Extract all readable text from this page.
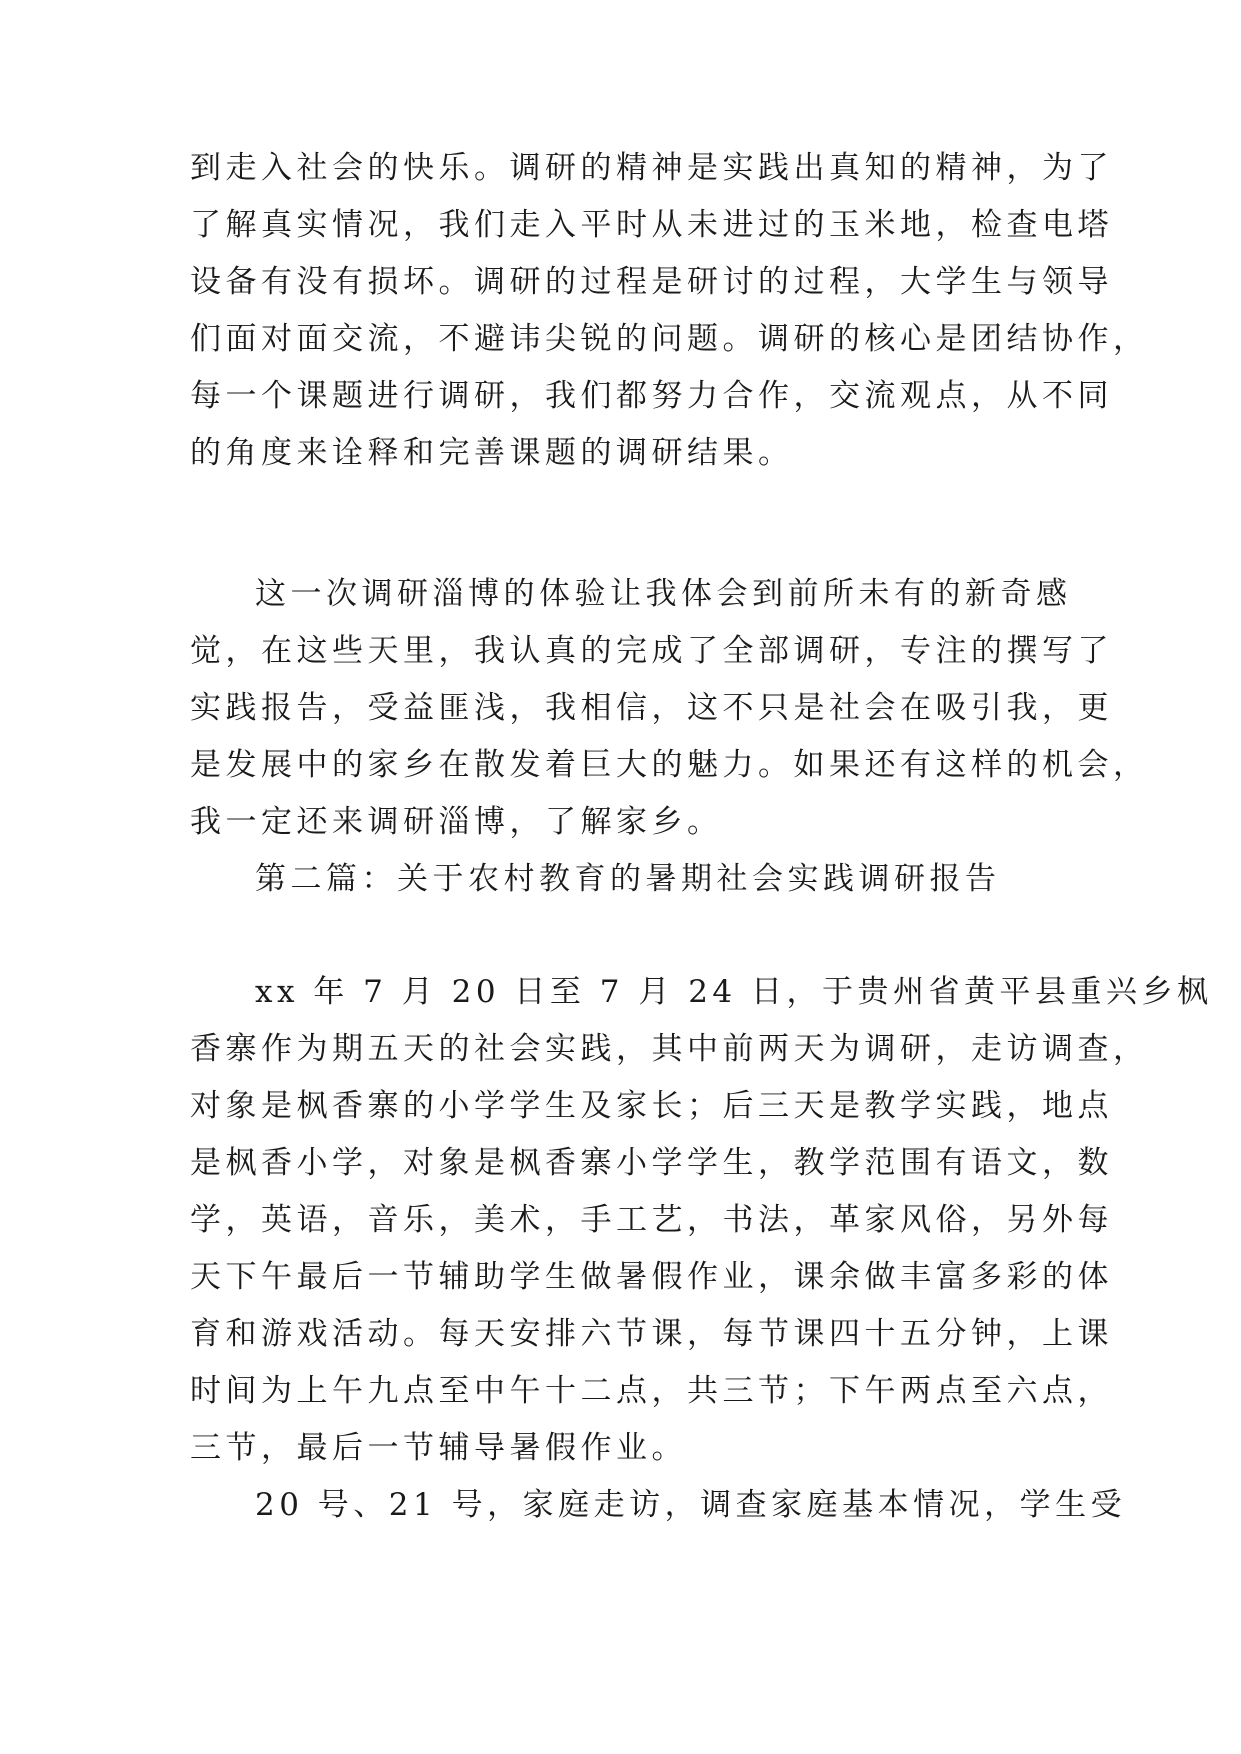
到走入社会的快乐。调研的精神是实践出真知的精神，为了
了解真实情况，我们走入平时从未进过的玉米地，检查电塔
设备有没有损坏。调研的过程是研讨的过程，大学生与领导
们面对面交流，不避讳尖锐的问题。调研的核心是团结协作，
每一个课题进行调研，我们都努力合作，交流观点，从不同
的角度来诠释和完善课题的调研结果。
这一次调研淄博的体验让我体会到前所未有的新奇感
觉，在这些天里，我认真的完成了全部调研，专注的撰写了
实践报告，受益匪浅，我相信，这不只是社会在吸引我，更
是发展中的家乡在散发着巨大的魅力。如果还有这样的机会，
我一定还来调研淄博，了解家乡。
第二篇：关于农村教育的暑期社会实践调研报告
xx 年 7 月 20 日至 7 月 24 日，于贵州省黄平县重兴乡枫
香寨作为期五天的社会实践，其中前两天为调研，走访调查，
对象是枫香寨的小学学生及家长；后三天是教学实践，地点
是枫香小学，对象是枫香寨小学学生，教学范围有语文，数
学，英语，音乐，美术，手工艺，书法，革家风俗，另外每
天下午最后一节辅助学生做暑假作业，课余做丰富多彩的体
育和游戏活动。每天安排六节课，每节课四十五分钟，上课
时间为上午九点至中午十二点，共三节；下午两点至六点，
三节，最后一节辅导暑假作业。
20 号、21 号，家庭走访，调查家庭基本情况，学生受
